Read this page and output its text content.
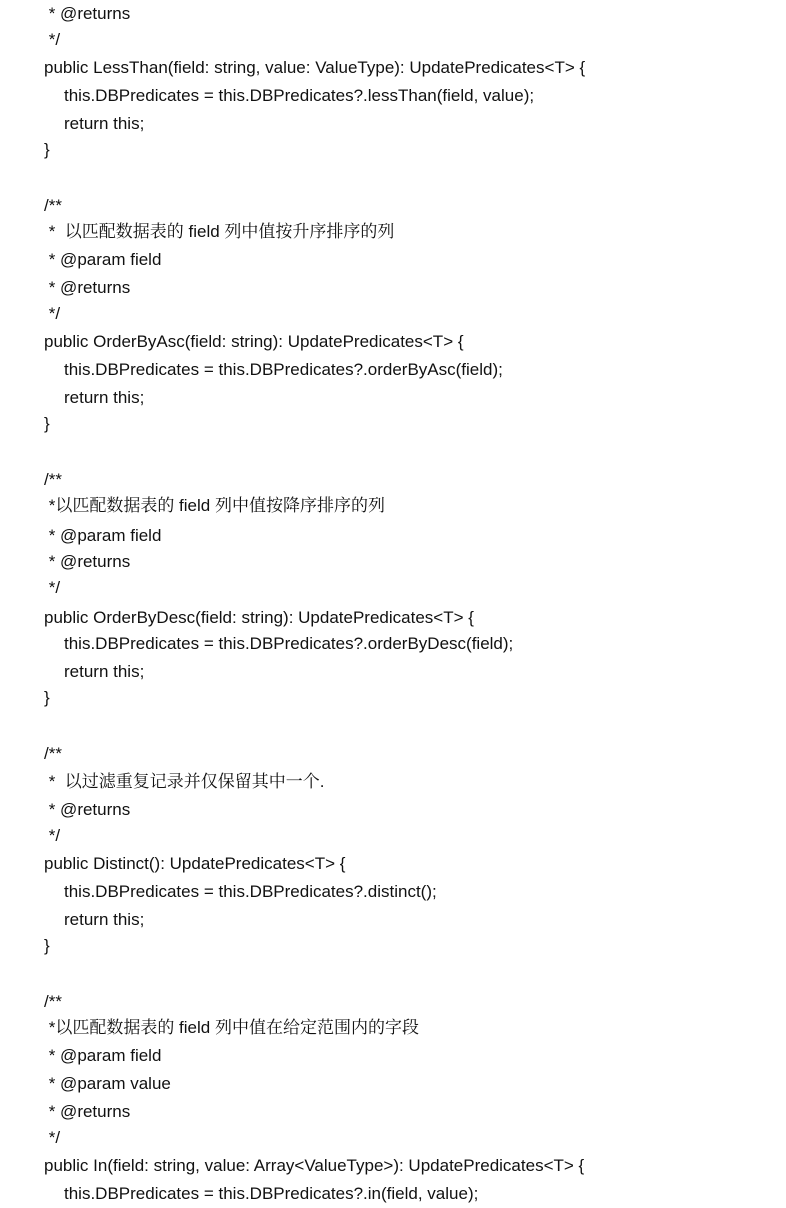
* @returns
*/
public LessThan(field: string, value: ValueType): UpdatePredicates<T> {
this.DBPredicates = this.DBPredicates?.lessThan(field, value);
return this;
}
/**
*  以匹配数据表的 field 列中值按升序排序的列
* @param field
* @returns
*/
public OrderByAsc(field: string): UpdatePredicates<T> {
this.DBPredicates = this.DBPredicates?.orderByAsc(field);
return this;
}
/**
*以匹配数据表的 field 列中值按降序排序的列
* @param field
* @returns
*/
public OrderByDesc(field: string): UpdatePredicates<T> {
this.DBPredicates = this.DBPredicates?.orderByDesc(field);
return this;
}
/**
*  以过滤重复记录并仅保留其中一个.
* @returns
*/
public Distinct(): UpdatePredicates<T> {
this.DBPredicates = this.DBPredicates?.distinct();
return this;
}
/**
*以匹配数据表的 field 列中值在给定范围内的字段
* @param field
* @param value
* @returns
*/
public In(field: string, value: Array<ValueType>): UpdatePredicates<T> {
this.DBPredicates = this.DBPredicates?.in(field, value);
